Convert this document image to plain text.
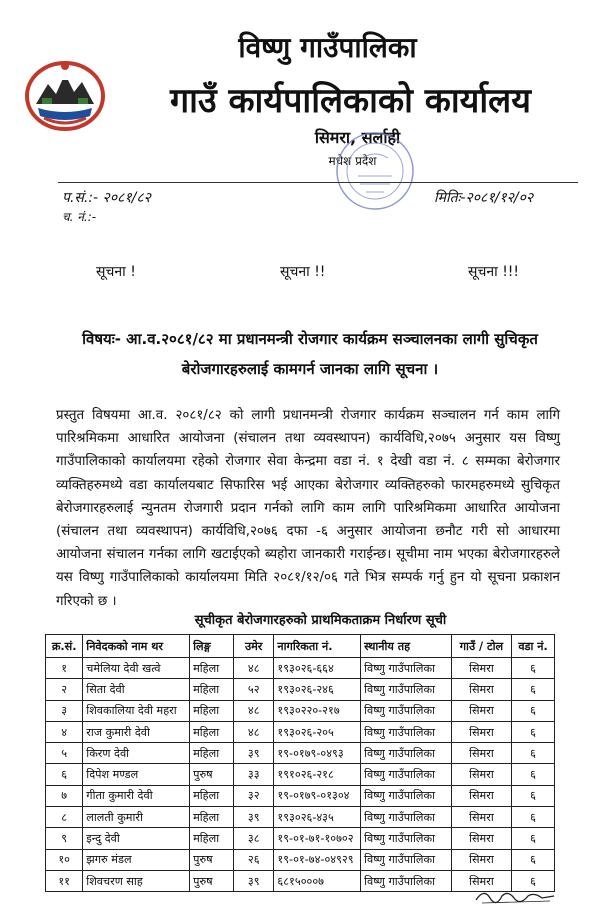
विष्णु गाउँपालिका
गाउँ कार्यपालिकाको कार्यालय
सिमरा, सर्लाही
मधेश प्रदेश
प.सं.:- २०८१/८२
च. नं.:-
मितिः-२०८१/१२/०२
सूचना !	सूचना !!	सूचना !!!
विषयः- आ.व.२०८१/८२ मा प्रधानमन्त्री रोजगार कार्यक्रम सञ्चालनका लागी सुचिकृत
बेरोजगारहरुलाई कामगर्न जानका लागि सूचना ।
प्रस्तुत विषयमा आ.व. २०८१/८२ को लागी प्रधानमन्त्री रोजगार कार्यक्रम सञ्चालन गर्न काम लागि पारिश्रमिकमा आधारित आयोजना (संचालन तथा व्यवस्थापन) कार्यविधि,२०७५ अनुसार यस विष्णु गाउँपालिकाको कार्यालयमा रहेको रोजगार सेवा केन्द्रमा वडा नं. १ देखी वडा नं. ८ सम्मका बेरोजगार व्यक्तिहरुमध्ये वडा कार्यालयबाट सिफारिस भई आएका बेरोजगार व्यक्तिहरुको फारमहरुमध्ये सुचिकृत बेरोजगारहरुलाई न्युनतम रोजगारी प्रदान गर्नको लागि काम लागि पारिश्रमिकमा आधारित आयोजना (संचालन तथा व्यवस्थापन) कार्यविधि,२०७६ दफा -६ अनुसार आयोजना छनौट गरी सो आधारमा आयोजना संचालन गर्नका लागि खटाईएको ब्यहोरा जानकारी गराईन्छ। सूचीमा नाम भएका बेरोजगारहरुले यस विष्णु गाउँपालिकाको कार्यालयमा मिति २०८१/१२/०६ गते भित्र सम्पर्क गर्नु हुन यो सूचना प्रकाशन गरिएको छ ।
सूचीकृत बेरोजगारहरुको प्राथमिकताक्रम निर्धारण सूची
क्र.सं.	निवेदकको नाम थर	लिङ्ग	उमेर	नागरिकता नं.	स्थानीय तह	गाउँ / टोल	वडा नं.
१	चमेलिया देवी खत्वे	महिला	४८	१९३०२६-६६४	विष्णु गाउँपालिका	सिमरा	६
२	सिता देवी	महिला	५२	१९३०२६-२४६	विष्णु गाउँपालिका	सिमरा	६
३	शिवकालिया देवी महरा	महिला	४८	१९३०२२०-२१७	विष्णु गाउँपालिका	सिमरा	६
४	राज कुमारी देवी	महिला	४८	१९३०२६-२०५	विष्णु गाउँपालिका	सिमरा	६
५	किरण देवी	महिला	३९	१९-०१७९-०४९३	विष्णु गाउँपालिका	सिमरा	६
६	दिपेश मण्डल	पुरुष	३३	१९१०२६-२१८	विष्णु गाउँपालिका	सिमरा	६
७	गीता कुमारी देवी	महिला	३२	१९-०१७९-०१३०४	विष्णु गाउँपालिका	सिमरा	६
८	लालती कुमारी	महिला	३९	१९३०२६-४३५	विष्णु गाउँपालिका	सिमरा	६
९	इन्दु देवी	महिला	३८	१९-०१-७१-१०७०२	विष्णु गाउँपालिका	सिमरा	६
१०	झगरु मंडल	पुरुष	२६	१९-०१-७४-०४९२९	विष्णु गाउँपालिका	सिमरा	६
११	शिवचरण साह	पुरुष	३९	६८१५०००७	विष्णु गाउँपालिका	सिमरा	६
